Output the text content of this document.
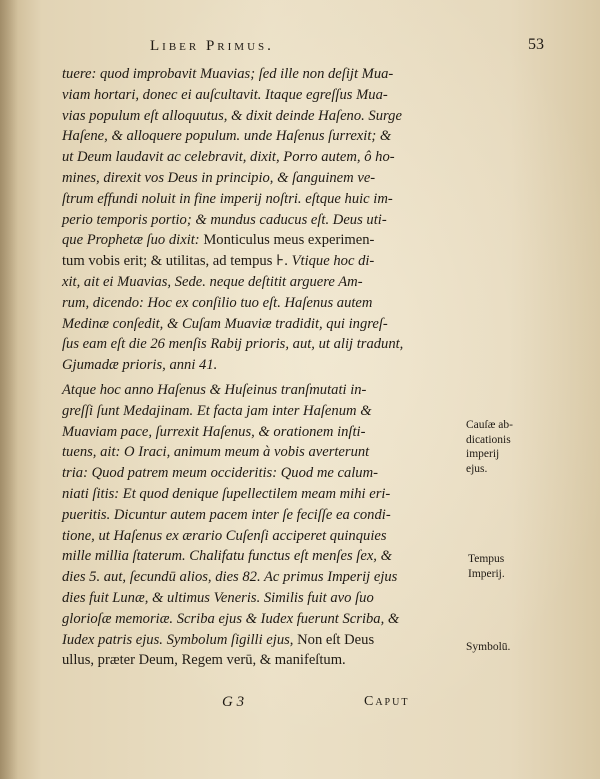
Liber Primus.	53
tuere: quod improbavit Muavias; ſed ille non deſijt Mua-
viam hortari, donec ei auſcultavit. Itaque egreſſus Mua-
vias populum eſt alloquutus, & dixit deinde Haſeno. Surge
Haſene, & alloquere populum. unde Haſenus ſurrexit; &
ut Deum laudavit ac celebravit, dixit, Porro autem, ô ho-
mines, direxit vos Deus in principio, & ſanguinem ve-
ſtrum effundi noluit in fine imperij noſtri. eſtque huic im-
perio temporis portio; & mundus caducus eſt. Deus uti-
que Prophetæ ſuo dixit: Monticulus meus experimen-
tum vobis erit; & utilitas, ad tempus ⊦. Vtique hoc di-
xit, ait ei Muavias, Sede. neque deſtitit arguere Am-
rum, dicendo: Hoc ex conſilio tuo eſt. Haſenus autem
Medinæ conſedit, & Cuſam Muaviæ tradidit, qui ingreſ-
ſus eam eſt die 26 menſis Rabij prioris, aut, ut alij tradunt,
Gjumadæ prioris, anni 41.
Atque hoc anno Haſenus & Huſeinus tranſmutati in-
greſſi ſunt Medajinam. Et facta jam inter Haſenum &
Muaviam pace, ſurrexit Haſenus, & orationem inſti-
tuens, ait: O Iraci, animum meum à vobis averterunt
tria: Quod patrem meum occideritis: Quod me calum-
niati ſitis: Et quod denique ſupellectilem meam mihi eri-
pueritis. Dicuntur autem pacem inter ſe feciſſe ea condi-
tione, ut Haſenus ex ærario Cuſenſi acciperet quinquies
mille millia ſtaterum. Chalifatu functus eſt menſes ſex, &
dies 5. aut, ſecundū alios, dies 82. Ac primus Imperij ejus
dies fuit Lunæ, & ultimus Veneris. Similis fuit avo ſuo
glorioſæ memoriæ. Scriba ejus & Iudex fuerunt Scriba, &
Iudex patris ejus. Symbolum ſigilli ejus, Non eſt Deus
ullus, præter Deum, Regem verū, & manifeſtum.
Cauſæ ab-
dicationis
imperij
ejus.
Tempus
Imperij.
Symbolū.
G 3	Caput
